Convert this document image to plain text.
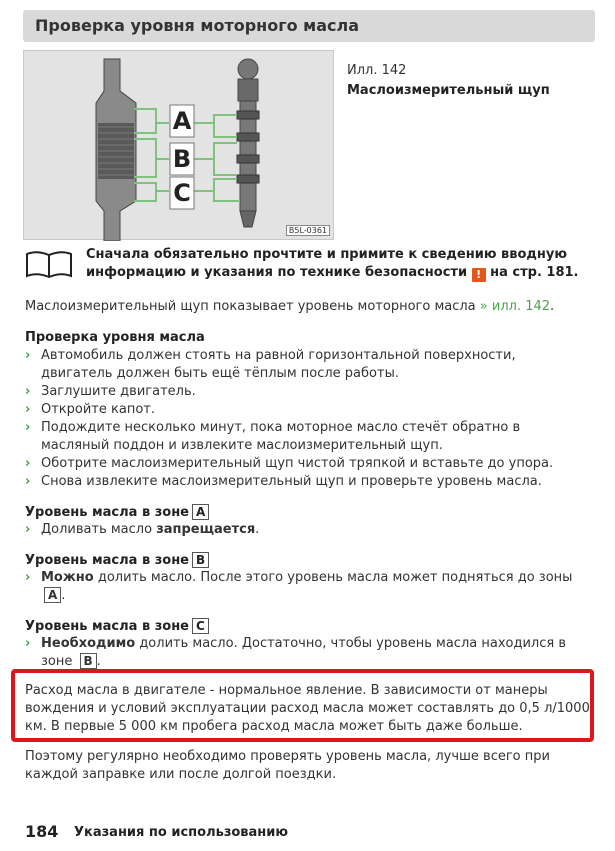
Проверка уровня моторного масла
A
B
C
B5L-0361
Илл. 142
Маслоизмерительный щуп
Сначала обязательно прочтите и примите к сведению вводную информацию и указания по технике безопасности ! на стр. 181.
Маслоизмерительный щуп показывает уровень моторного масла » илл. 142.
Проверка уровня масла
› Автомобиль должен стоять на равной горизонтальной поверхности, двигатель должен быть ещё тёплым после работы.
› Заглушите двигатель.
› Откройте капот.
› Подождите несколько минут, пока моторное масло стечёт обратно в масляный поддон и извлеките маслоизмерительный щуп.
› Оботрите маслоизмерительный щуп чистой тряпкой и вставьте до упора.
› Снова извлеките маслоизмерительный щуп и проверьте уровень масла.
Уровень масла в зоне A
› Доливать масло запрещается.
Уровень масла в зоне B
› Можно долить масло. После этого уровень масла может подняться до зоны A .
Уровень масла в зоне C
› Необходимо долить масло. Достаточно, чтобы уровень масла находился в зоне B .
Расход масла в двигателе - нормальное явление. В зависимости от манеры вождения и условий эксплуатации расход масла может составлять до 0,5 л/1000 км. В первые 5 000 км пробега расход масла может быть даже больше.
Поэтому регулярно необходимо проверять уровень масла, лучше всего при каждой заправке или после долгой поездки.
184 Указания по использованию
